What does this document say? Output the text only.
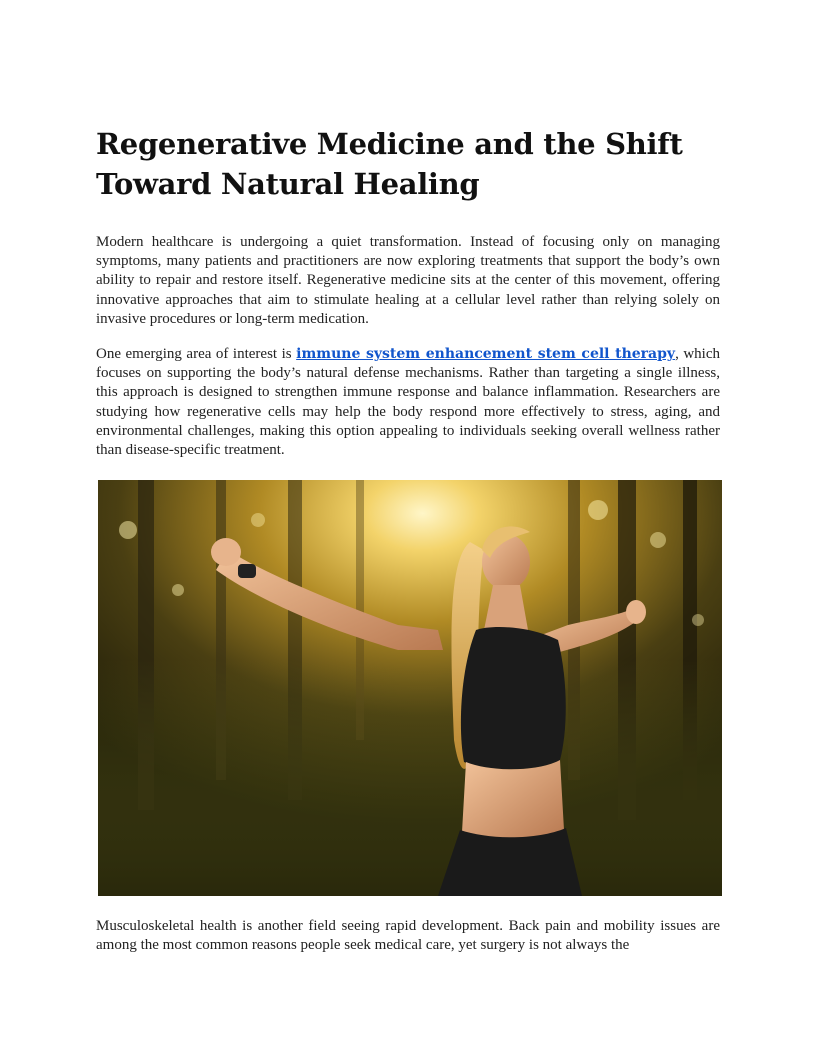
Regenerative Medicine and the Shift Toward Natural Healing

Modern healthcare is undergoing a quiet transformation. Instead of focusing only on managing symptoms, many patients and practitioners are now exploring treatments that support the body’s own ability to repair and restore itself. Regenerative medicine sits at the center of this movement, offering innovative approaches that aim to stimulate healing at a cellular level rather than relying solely on invasive procedures or long-term medication.

One emerging area of interest is immune system enhancement stem cell therapy, which focuses on supporting the body’s natural defense mechanisms. Rather than targeting a single illness, this approach is designed to strengthen immune response and balance inflammation. Researchers are studying how regenerative cells may help the body respond more effectively to stress, aging, and environmental challenges, making this option appealing to individuals seeking overall wellness rather than disease-specific treatment.

Musculoskeletal health is another field seeing rapid development. Back pain and mobility issues are among the most common reasons people seek medical care, yet surgery is not always the
